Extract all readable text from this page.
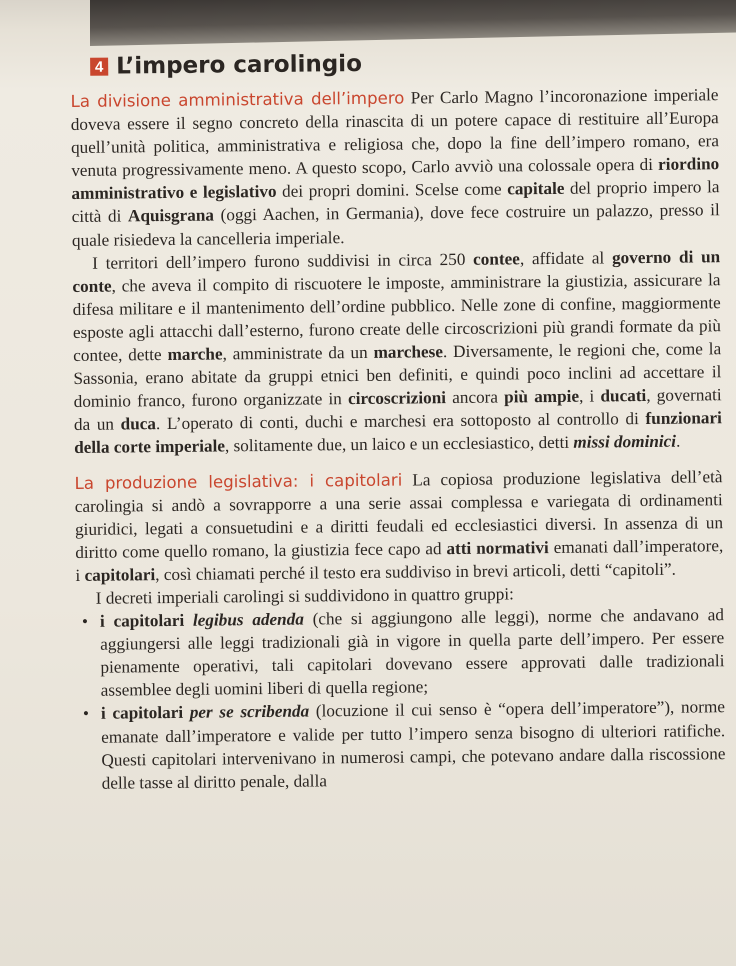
4 L’impero carolingio

La divisione amministrativa dell’impero Per Carlo Magno l’incoronazione imperiale doveva essere il segno concreto della rinascita di un potere capace di restituire all’Europa quell’unità politica, amministrativa e religiosa che, dopo la fine dell’impero romano, era venuta progressivamente meno. A questo scopo, Carlo avviò una colossale opera di riordino amministrativo e legislativo dei propri domini. Scelse come capitale del proprio impero la città di Aquisgrana (oggi Aachen, in Germania), dove fece costruire un palazzo, presso il quale risiedeva la cancelleria imperiale.

I territori dell’impero furono suddivisi in circa 250 contee, affidate al governo di un conte, che aveva il compito di riscuotere le imposte, amministrare la giustizia, assicurare la difesa militare e il mantenimento dell’ordine pubblico. Nelle zone di confine, maggiormente esposte agli attacchi dall’esterno, furono create delle circoscrizioni più grandi formate da più contee, dette marche, amministrate da un marchese. Diversamente, le regioni che, come la Sassonia, erano abitate da gruppi etnici ben definiti, e quindi poco inclini ad accettare il dominio franco, furono organizzate in circoscrizioni ancora più ampie, i ducati, governati da un duca. L’operato di conti, duchi e marchesi era sottoposto al controllo di funzionari della corte imperiale, solitamente due, un laico e un ecclesiastico, detti missi dominici.

La produzione legislativa: i capitolari La copiosa produzione legislativa dell’età carolingia si andò a sovrapporre a una serie assai complessa e variegata di ordinamenti giuridici, legati a consuetudini e a diritti feudali ed ecclesiastici diversi. In assenza di un diritto come quello romano, la giustizia fece capo ad atti normativi emanati dall’imperatore, i capitolari, così chiamati perché il testo era suddiviso in brevi articoli, detti “capitoli”.

I decreti imperiali carolingi si suddividono in quattro gruppi:

• i capitolari legibus adenda (che si aggiungono alle leggi), norme che andavano ad aggiungersi alle leggi tradizionali già in vigore in quella parte dell’impero. Per essere pienamente operativi, tali capitolari dovevano essere approvati dalle tradizionali assemblee degli uomini liberi di quella regione;
• i capitolari per se scribenda (locuzione il cui senso è “opera dell’imperatore”), norme emanate dall’imperatore e valide per tutto l’impero senza bisogno di ulteriori ratifiche. Questi capitolari intervenivano in numerosi campi, che potevano andare dalla riscossione delle tasse al diritto penale, dalla
